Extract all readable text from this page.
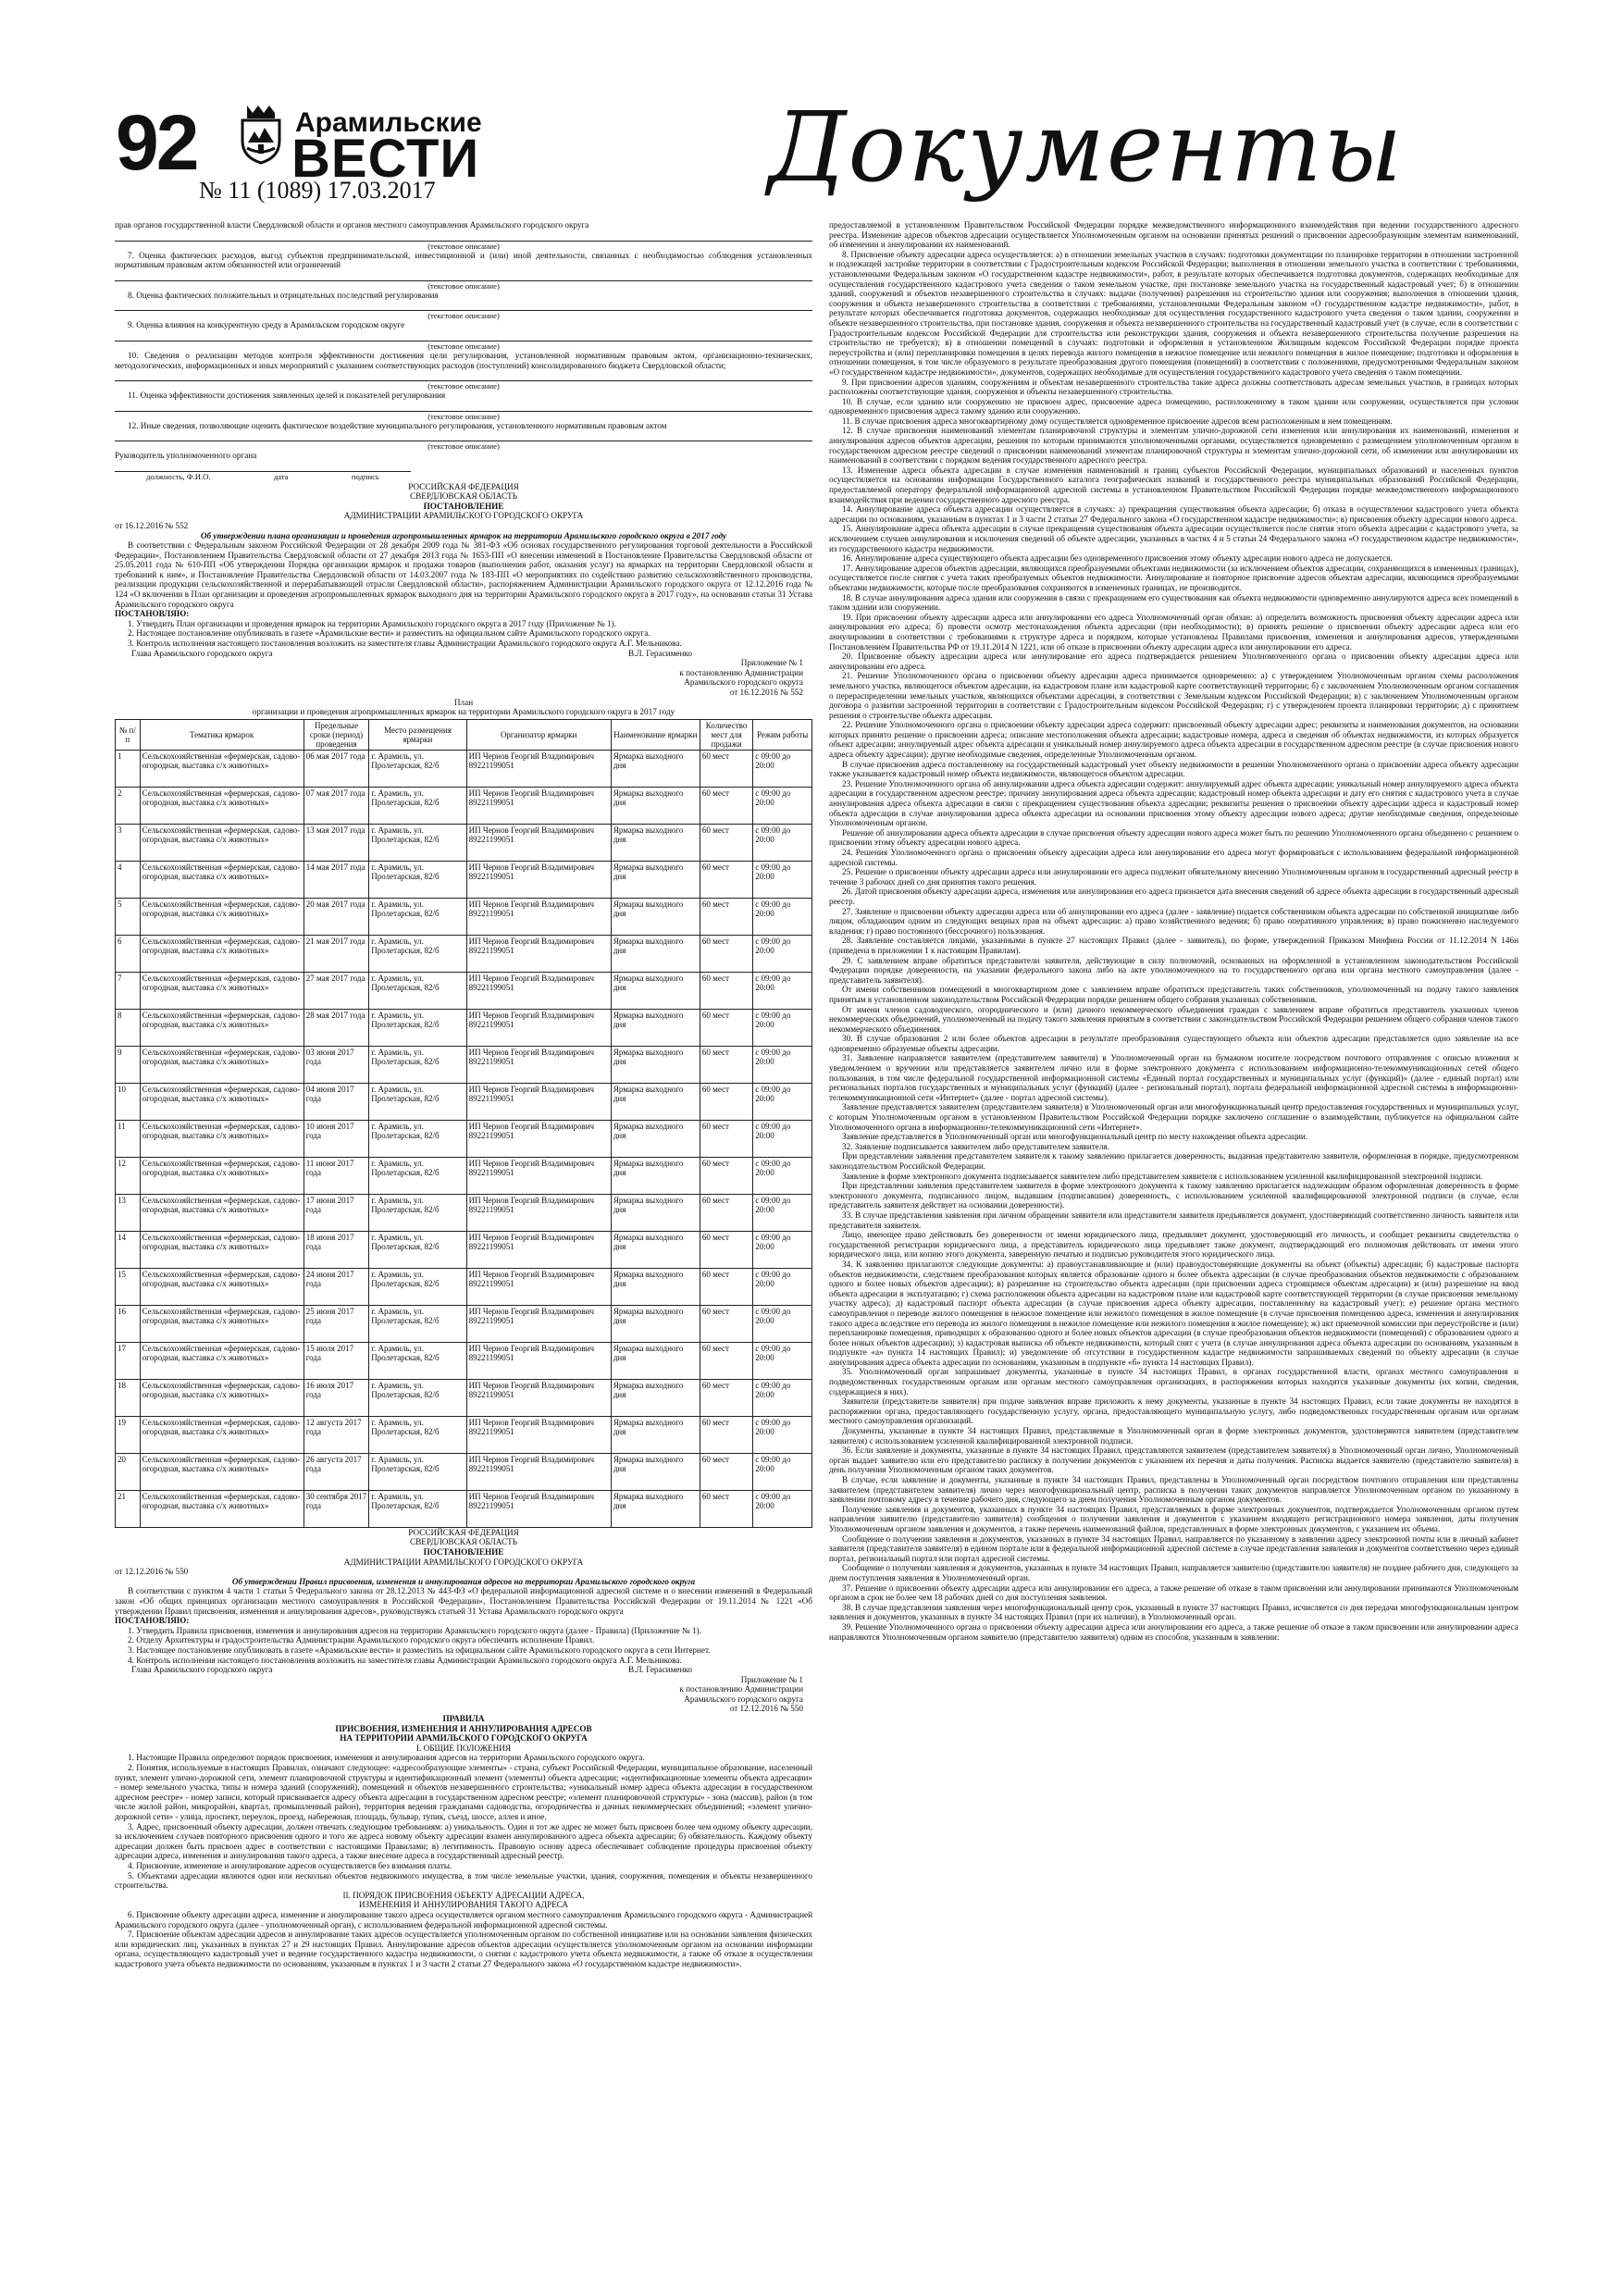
92	Арамильские
ВЕСТИ
№ 11 (1089) 17.03.2017	Документы

прав органов государственной власти Свердловской области и органов местного самоуправления Арамильского городского округа

(текстовое описание)

7. Оценка фактических расходов, выгод субъектов предпринимательской, инвестиционной и (или) иной деятельности, связанных с необходимостью соблюдения установленных нормативным правовым актом обязанностей или ограничений

(текстовое описание)

8. Оценка фактических положительных и отрицательных последствий регулирования

(текстовое описание)

9. Оценка влияния на конкурентную среду в Арамильском городском округе

(текстовое описание)

10. Сведения о реализации методов контроля эффективности достижения цели регулирования, установленной нормативным правовым актом, организационно-технических, методологических, информационных и иных мероприятий с указанием соответствующих расходов (поступлений) консолидированного бюджета Свердловской области;

(текстовое описание)

11. Оценка эффективности достижения заявленных целей и показателей регулирования

(текстовое описание)

12. Иные сведения, позволяющие оценить фактическое воздействие муниципального регулирования, установленного нормативным правовым актом

(текстовое описание)

Руководитель уполномоченного органа

должность, Ф.И.О.	дата	подпись
РОССИЙСКАЯ ФЕДЕРАЦИЯ
СВЕРДЛОВСКАЯ ОБЛАСТЬ
ПОСТАНОВЛЕНИЕ
АДМИНИСТРАЦИИ АРАМИЛЬСКОГО ГОРОДСКОГО ОКРУГА
от 16.12.2016 № 552

Об утверждении плана организации и проведения агропромышленных ярмарок на территории Арамильского городского округа в 2017 году

В соответствии с Федеральным законом Российской Федерации от 28 декабря 2009 года № 381-ФЗ «Об основах государственного регулирования торговой деятельности в Российской Федерации», Постановлением Правительства Свердловской области от 27 декабря 2013 года № 1653-ПП «О внесении изменений в Постановление Правительства Свердловской области от 25.05.2011 года № 610-ПП «Об утверждении Порядка организации ярмарок и продажи товаров (выполнения работ, оказания услуг) на ярмарках на территории Свердловской области и требований к ним», и Постановление Правительства Свердловской области от 14.03.2007 года № 183-ПП «О мероприятиях по содействию развитию сельскохозяйственного производства, реализации продукции сельскохозяйственной и перерабатывающей отрасли Свердловской области», распоряжением Администрации Арамильского городского округа от 12.12.2016 года № 124 «О включении в План организации и проведения агропромышленных ярмарок выходного дня на территории Арамильского городского округа в 2017 году», на основании статьи 31 Устава Арамильского городского округа

ПОСТАНОВЛЯЮ:

1. Утвердить План организации и проведения ярмарок на территории Арамильского городского округа в 2017 году (Приложение № 1).

2. Настоящее постановление опубликовать в газете «Арамильские вести» и разместить на официальном сайте Арамильского городского округа.

3. Контроль исполнения настоящего постановления возложить на заместителя главы Администрации Арамильского городского округа А.Г. Мельникова.

Глава Арамильского городского округа	В.Л. Герасименко
Приложение № 1
к постановлению Администрации
Арамильского городского округа
от 16.12.2016 № 552
План
организации и проведения агропромышленных ярмарок на территории Арамильского городского округа в 2017 году
№ п/п	Тематика ярмарок	Предельные сроки (период) проведения	Место размещения ярмарки	Организатор ярмарки	Наименование ярмарки	Количество мест для продажи	Режим работы
1	Сельскохозяйственная «фермерская, садово-огородная, выставка с/х животных»	06 мая 2017 года	г. Арамиль, ул. Пролетарская, 82/б	ИП Чернов Георгий Владимирович 89221199051	Ярмарка выходного дня	60 мест	с 09:00 до 20:00
2	Сельскохозяйственная «фермерская, садово-огородная, выставка с/х животных»	07 мая 2017 года	г. Арамиль, ул. Пролетарская, 82/б	ИП Чернов Георгий Владимирович 89221199051	Ярмарка выходного дня	60 мест	с 09:00 до 20:00
3	Сельскохозяйственная «фермерская, садово-огородная, выставка с/х животных»	13 мая 2017 года	г. Арамиль, ул. Пролетарская, 82/б	ИП Чернов Георгий Владимирович 89221199051	Ярмарка выходного дня	60 мест	с 09:00 до 20:00
4	Сельскохозяйственная «фермерская, садово-огородная, выставка с/х животных»	14 мая 2017 года	г. Арамиль, ул. Пролетарская, 82/б	ИП Чернов Георгий Владимирович 89221199051	Ярмарка выходного дня	60 мест	с 09:00 до 20:00
5	Сельскохозяйственная «фермерская, садово-огородная, выставка с/х животных»	20 мая 2017 года	г. Арамиль, ул. Пролетарская, 82/б	ИП Чернов Георгий Владимирович 89221199051	Ярмарка выходного дня	60 мест	с 09:00 до 20:00
6	Сельскохозяйственная «фермерская, садово-огородная, выставка с/х животных»	21 мая 2017 года	г. Арамиль, ул. Пролетарская, 82/б	ИП Чернов Георгий Владимирович 89221199051	Ярмарка выходного дня	60 мест	с 09:00 до 20:00
7	Сельскохозяйственная «фермерская, садово-огородная, выставка с/х животных»	27 мая 2017 года	г. Арамиль, ул. Пролетарская, 82/б	ИП Чернов Георгий Владимирович 89221199051	Ярмарка выходного дня	60 мест	с 09:00 до 20:00
8	Сельскохозяйственная «фермерская, садово-огородная, выставка с/х животных»	28 мая 2017 года	г. Арамиль, ул. Пролетарская, 82/б	ИП Чернов Георгий Владимирович 89221199051	Ярмарка выходного дня	60 мест	с 09:00 до 20:00
9	Сельскохозяйственная «фермерская, садово-огородная, выставка с/х животных»	03 июня 2017 года	г. Арамиль, ул. Пролетарская, 82/б	ИП Чернов Георгий Владимирович 89221199051	Ярмарка выходного дня	60 мест	с 09:00 до 20:00
10	Сельскохозяйственная «фермерская, садово-огородная, выставка с/х животных»	04 июня 2017 года	г. Арамиль, ул. Пролетарская, 82/б	ИП Чернов Георгий Владимирович 89221199051	Ярмарка выходного дня	60 мест	с 09:00 до 20:00
11	Сельскохозяйственная «фермерская, садово-огородная, выставка с/х животных»	10 июня 2017 года	г. Арамиль, ул. Пролетарская, 82/б	ИП Чернов Георгий Владимирович 89221199051	Ярмарка выходного дня	60 мест	с 09:00 до 20:00
12	Сельскохозяйственная «фермерская, садово-огородная, выставка с/х животных»	11 июня 2017 года	г. Арамиль, ул. Пролетарская, 82/б	ИП Чернов Георгий Владимирович 89221199051	Ярмарка выходного дня	60 мест	с 09:00 до 20:00
13	Сельскохозяйственная «фермерская, садово-огородная, выставка с/х животных»	17 июня 2017 года	г. Арамиль, ул. Пролетарская, 82/б	ИП Чернов Георгий Владимирович 89221199051	Ярмарка выходного дня	60 мест	с 09:00 до 20:00
14	Сельскохозяйственная «фермерская, садово-огородная, выставка с/х животных»	18 июня 2017 года	г. Арамиль, ул. Пролетарская, 82/б	ИП Чернов Георгий Владимирович 89221199051	Ярмарка выходного дня	60 мест	с 09:00 до 20:00
15	Сельскохозяйственная «фермерская, садово-огородная, выставка с/х животных»	24 июня 2017 года	г. Арамиль, ул. Пролетарская, 82/б	ИП Чернов Георгий Владимирович 89221199051	Ярмарка выходного дня	60 мест	с 09:00 до 20:00
16	Сельскохозяйственная «фермерская, садово-огородная, выставка с/х животных»	25 июня 2017 года	г. Арамиль, ул. Пролетарская, 82/б	ИП Чернов Георгий Владимирович 89221199051	Ярмарка выходного дня	60 мест	с 09:00 до 20:00
17	Сельскохозяйственная «фермерская, садово-огородная, выставка с/х животных»	15 июля 2017 года	г. Арамиль, ул. Пролетарская, 82/б	ИП Чернов Георгий Владимирович 89221199051	Ярмарка выходного дня	60 мест	с 09:00 до 20:00
18	Сельскохозяйственная «фермерская, садово-огородная, выставка с/х животных»	16 июля 2017 года	г. Арамиль, ул. Пролетарская, 82/б	ИП Чернов Георгий Владимирович 89221199051	Ярмарка выходного дня	60 мест	с 09:00 до 20:00
19	Сельскохозяйственная «фермерская, садово-огородная, выставка с/х животных»	12 августа 2017 года	г. Арамиль, ул. Пролетарская, 82/б	ИП Чернов Георгий Владимирович 89221199051	Ярмарка выходного дня	60 мест	с 09:00 до 20:00
20	Сельскохозяйственная «фермерская, садово-огородная, выставка с/х животных»	26 августа 2017 года	г. Арамиль, ул. Пролетарская, 82/б	ИП Чернов Георгий Владимирович 89221199051	Ярмарка выходного дня	60 мест	с 09:00 до 20:00
21	Сельскохозяйственная «фермерская, садово-огородная, выставка с/х животных»	30 сентября 2017 года	г. Арамиль, ул. Пролетарская, 82/б	ИП Чернов Георгий Владимирович 89221199051	Ярмарка выходного дня	60 мест	с 09:00 до 20:00
РОССИЙСКАЯ ФЕДЕРАЦИЯ
СВЕРДЛОВСКАЯ ОБЛАСТЬ
ПОСТАНОВЛЕНИЕ
АДМИНИСТРАЦИИ АРАМИЛЬСКОГО ГОРОДСКОГО ОКРУГА
от 12.12.2016 № 550

Об утверждении Правил присвоения, изменения и аннулирования адресов на территории Арамильского городского округа

В соответствии с пунктом 4 части 1 статьи 5 Федерального закона от 28.12.2013 № 443-ФЗ «О федеральной информационной адресной системе и о внесении изменений в Федеральный закон «Об общих принципах организации местного самоуправления в Российской Федерации», Постановлением Правительства Российской Федерации от 19.11.2014 № 1221 «Об утверждении Правил присвоения, изменения и аннулирования адресов», руководствуясь статьей 31 Устава Арамильского городского округа

ПОСТАНОВЛЯЮ:

1. Утвердить Правила присвоения, изменения и аннулирования адресов на территории Арамильского городского округа (далее - Правила) (Приложение № 1).

2. Отделу Архитектуры и градостроительства Администрации Арамильского городского округа обеспечить исполнение Правил.

3. Настоящее постановление опубликовать в газете «Арамильские вести» и разместить на официальном сайте Арамильского городского округа в сети Интернет.

4. Контроль исполнения настоящего постановления возложить на заместителя главы Администрации Арамильского городского округа А.Г. Мельникова.

Глава Арамильского городского округа	В.Л. Герасименко
Приложение № 1
к постановлению Администрации
Арамильского городского округа
от 12.12.2016 № 550
ПРАВИЛА
ПРИСВОЕНИЯ, ИЗМЕНЕНИЯ И АННУЛИРОВАНИЯ АДРЕСОВ
НА ТЕРРИТОРИИ АРАМИЛЬСКОГО ГОРОДСКОГО ОКРУГА
I. ОБЩИЕ ПОЛОЖЕНИЯ

1. Настоящие Правила определяют порядок присвоения, изменения и аннулирования адресов на территории Арамильского городского округа.

2. Понятия, используемые в настоящих Правилах, означают следующее: «адресообразующие элементы» - страна, субъект Российской Федерации, муниципальное образование, населенный пункт, элемент улично-дорожной сети, элемент планировочной структуры и идентификационный элемент (элементы) объекта адресации; «идентификационные элементы объекта адресации» - номер земельного участка, типы и номера зданий (сооружений), помещений и объектов незавершенного строительства; «уникальный номер адреса объекта адресации в государственном адресном реестре» - номер записи, который присваивается адресу объекта адресации в государственном адресном реестре; «элемент планировочной структуры» - зона (массив), район (в том числе жилой район, микрорайон, квартал, промышленный район), территория ведения гражданами садоводства, огородничества и дачных некоммерческих объединений; «элемент улично-дорожной сети» - улица, проспект, переулок, проезд, набережная, площадь, бульвар, тупик, съезд, шоссе, аллея и иное.

3. Адрес, присвоенный объекту адресации, должен отвечать следующим требованиям: а) уникальность. Один и тот же адрес не может быть присвоен более чем одному объекту адресации, за исключением случаев повторного присвоения одного и того же адреса новому объекту адресации взамен аннулированного адреса объекта адресации; б) обязательность. Каждому объекту адресации должен быть присвоен адрес в соответствии с настоящими Правилами; в) легитимность. Правовую основу адреса обеспечивает соблюдение процедуры присвоения объекту адресации адреса, изменения и аннулирования такого адреса, а также внесение адреса в государственный адресный реестр.

4. Присвоение, изменение и аннулирование адресов осуществляется без взимания платы.

5. Объектами адресации являются один или несколько объектов недвижимого имущества, в том числе земельные участки, здания, сооружения, помещения и объекты незавершенного строительства.

II. ПОРЯДОК ПРИСВОЕНИЯ ОБЪЕКТУ АДРЕСАЦИИ АДРЕСА,
ИЗМЕНЕНИЯ И АННУЛИРОВАНИЯ ТАКОГО АДРЕСА

6. Присвоение объекту адресации адреса, изменение и аннулирование такого адреса осуществляется органом местного самоуправления Арамильского городского округа - Администрацией Арамильского городского округа (далее - уполномоченный орган), с использованием федеральной информационной адресной системы.

7. Присвоение объектам адресации адресов и аннулирование таких адресов осуществляется уполномоченным органом по собственной инициативе или на основании заявления физических или юридических лиц, указанных в пунктах 27 и 29 настоящих Правил. Аннулирование адресов объектов адресации осуществляется уполномоченным органом на основании информации органа, осуществляющего кадастровый учет и ведение государственного кадастра недвижимости, о снятии с кадастрового учета объекта недвижимости, а также об отказе в осуществлении кадастрового учета объекта недвижимости по основаниям, указанным в пунктах 1 и 3 части 2 статьи 27 Федерального закона «О государственном кадастре недвижимости».

предоставляемой в установленном Правительством Российской Федерации порядке межведомственного информационного взаимодействия при ведении государственного адресного реестра. Изменение адресов объектов адресации осуществляется Уполномоченным органом на основании принятых решений о присвоении адресообразующим элементам наименований, об изменении и аннулировании их наименований.

8. Присвоение объекту адресации адреса осуществляется: а) в отношении земельных участков в случаях: подготовки документации по планировке территории в отношении застроенной и подлежащей застройке территории в соответствии с Градостроительным кодексом Российской Федерации; выполнения в отношении земельного участка в соответствии с требованиями, установленными Федеральным законом «О государственном кадастре недвижимости», работ, в результате которых обеспечивается подготовка документов, содержащих необходимые для осуществления государственного кадастрового учета сведения о таком земельном участке, при постановке земельного участка на государственный кадастровый учет; б) в отношении зданий, сооружений и объектов незавершенного строительства в случаях: выдачи (получения) разрешения на строительство здания или сооружения; выполнения в отношении здания, сооружения и объекта незавершенного строительства в соответствии с требованиями, установленными Федеральным законом «О государственном кадастре недвижимости», работ, в результате которых обеспечивается подготовка документов, содержащих необходимые для осуществления государственного кадастрового учета сведения о таком здании, сооружении и объекте незавершенного строительства, при постановке здания, сооружения и объекта незавершенного строительства на государственный кадастровый учет (в случае, если в соответствии с Градостроительным кодексом Российской Федерации для строительства или реконструкции здания, сооружения и объекта незавершенного строительства получение разрешения на строительство не требуется); в) в отношении помещений в случаях: подготовки и оформления в установленном Жилищным кодексом Российской Федерации порядке проекта переустройства и (или) перепланировки помещения в целях перевода жилого помещения в нежилое помещение или нежилого помещения в жилое помещение; подготовки и оформления в отношении помещения, в том числе образуемого в результате преобразования другого помещения (помещений) в соответствии с положениями, предусмотренными Федеральным законом «О государственном кадастре недвижимости», документов, содержащих необходимые для осуществления государственного кадастрового учета сведения о таком помещении.

9. При присвоении адресов зданиям, сооружениям и объектам незавершенного строительства такие адреса должны соответствовать адресам земельных участков, в границах которых расположены соответствующие здания, сооружения и объекты незавершенного строительства.

10. В случае, если зданию или сооружению не присвоен адрес, присвоение адреса помещению, расположенному в таком здании или сооружении, осуществляется при условии одновременного присвоения адреса такому зданию или сооружению.

11. В случае присвоения адреса многоквартирному дому осуществляется одновременное присвоение адресов всем расположенным в нем помещениям.

12. В случае присвоения наименований элементам планировочной структуры и элементам улично-дорожной сети изменения или аннулирования их наименований, изменения и аннулирования адресов объектов адресации, решения по которым принимаются уполномоченными органами, осуществляется одновременно с размещением уполномоченным органом в государственном адресном реестре сведений о присвоении наименований элементам планировочной структуры и элементам улично-дорожной сети, об изменении или аннулировании их наименований в соответствии с порядком ведения государственного адресного реестра.

13. Изменение адреса объекта адресации в случае изменения наименований и границ субъектов Российской Федерации, муниципальных образований и населенных пунктов осуществляется на основании информации Государственного каталога географических названий и государственного реестра муниципальных образований Российской Федерации, предоставляемой оператору федеральной информационной адресной системы в установленном Правительством Российской Федерации порядке межведомственного информационного взаимодействия при ведении государственного адресного реестра.

14. Аннулирование адреса объекта адресации осуществляется в случаях: а) прекращения существования объекта адресации; б) отказа в осуществлении кадастрового учета объекта адресации по основаниям, указанным в пунктах 1 и 3 части 2 статьи 27 Федерального закона «О государственном кадастре недвижимости»; в) присвоения объекту адресации нового адреса.

15. Аннулирование адреса объекта адресации в случае прекращения существования объекта адресации осуществляется после снятия этого объекта адресации с кадастрового учета, за исключением случаев аннулирования и исключения сведений об объекте адресации, указанных в частях 4 и 5 статьи 24 Федерального закона «О государственном кадастре недвижимости», из государственного кадастра недвижимости.

16. Аннулирование адреса существующего объекта адресации без одновременного присвоения этому объекту адресации нового адреса не допускается.

17. Аннулирование адресов объектов адресации, являющихся преобразуемыми объектами недвижимости (за исключением объектов адресации, сохраняющихся в измененных границах), осуществляется после снятия с учета таких преобразуемых объектов недвижимости. Аннулирование и повторное присвоение адресов объектам адресации, являющимся преобразуемыми объектами недвижимости, которые после преобразования сохраняются в измененных границах, не производится.

18. В случае аннулирования адреса здания или сооружения в связи с прекращением его существования как объекта недвижимости одновременно аннулируются адреса всех помещений в таком здании или сооружении.

19. При присвоении объекту адресации адреса или аннулировании его адреса Уполномоченный орган обязан: а) определить возможность присвоения объекту адресации адреса или аннулирования его адреса; б) провести осмотр местонахождения объекта адресации (при необходимости); в) принять решение о присвоении объекту адресации адреса или его аннулировании в соответствии с требованиями к структуре адреса и порядком, которые установлены Правилами присвоения, изменения и аннулирования адресов, утвержденными Постановлением Правительства РФ от 19.11.2014 N 1221, или об отказе в присвоении объекту адресации адреса или аннулировании его адреса.

20. Присвоение объекту адресации адреса или аннулирование его адреса подтверждается решением Уполномоченного органа о присвоении объекту адресации адреса или аннулировании его адреса.

21. Решение Уполномоченного органа о присвоении объекту адресации адреса принимается одновременно: а) с утверждением Уполномоченным органом схемы расположения земельного участка, являющегося объектом адресации, на кадастровом плане или кадастровой карте соответствующей территории; б) с заключением Уполномоченным органом соглашения о перераспределении земельных участков, являющихся объектами адресации, в соответствии с Земельным кодексом Российской Федерации; в) с заключением Уполномоченным органом договора о развитии застроенной территории в соответствии с Градостроительным кодексом Российской Федерации; г) с утверждением проекта планировки территории; д) с принятием решения о строительстве объекта адресации.

22. Решение Уполномоченного органа о присвоении объекту адресации адреса содержит: присвоенный объекту адресации адрес; реквизиты и наименования документов, на основании которых принято решение о присвоении адреса; описание местоположения объекта адресации; кадастровые номера, адреса и сведения об объектах недвижимости, из которых образуется объект адресации; аннулируемый адрес объекта адресации и уникальный номер аннулируемого адреса объекта адресации в государственном адресном реестре (в случае присвоения нового адреса объекту адресации); другие необходимые сведения, определенные Уполномоченным органом.

В случае присвоения адреса поставленному на государственный кадастровый учет объекту недвижимости в решении Уполномоченного органа о присвоении адреса объекту адресации также указывается кадастровый номер объекта недвижимости, являющегося объектом адресации.

23. Решение Уполномоченного органа об аннулировании адреса объекта адресации содержит: аннулируемый адрес объекта адресации; уникальный номер аннулируемого адреса объекта адресации в государственном адресном реестре; причину аннулирования адреса объекта адресации; кадастровый номер объекта адресации и дату его снятия с кадастрового учета в случае аннулирования адреса объекта адресации в связи с прекращением существования объекта адресации; реквизиты решения о присвоении объекту адресации адреса и кадастровый номер объекта адресации в случае аннулирования адреса объекта адресации на основании присвоения этому объекту адресации нового адреса; другие необходимые сведения, определенные Уполномоченным органом.

Решение об аннулировании адреса объекта адресации в случае присвоения объекту адресации нового адреса может быть по решению Уполномоченного органа объединено с решением о присвоении этому объекту адресации нового адреса.

24. Решения Уполномоченного органа о присвоении объекту адресации адреса или аннулировании его адреса могут формироваться с использованием федеральной информационной адресной системы.

25. Решение о присвоении объекту адресации адреса или аннулировании его адреса подлежит обязательному внесению Уполномоченным органом в государственный адресный реестр в течение 3 рабочих дней со дня принятия такого решения.

26. Датой присвоения объекту адресации адреса, изменения или аннулирования его адреса признается дата внесения сведений об адресе объекта адресации в государственный адресный реестр.

27. Заявление о присвоении объекту адресации адреса или об аннулировании его адреса (далее - заявление) подается собственником объекта адресации по собственной инициативе либо лицом, обладающим одним из следующих вещных прав на объект адресации: а) право хозяйственного ведения; б) право оперативного управления; в) право пожизненно наследуемого владения; г) право постоянного (бессрочного) пользования.

28. Заявление составляется лицами, указанными в пункте 27 настоящих Правил (далее - заявитель), по форме, утвержденной Приказом Минфина России от 11.12.2014 N 146н (приведена в приложении 1 к настоящим Правилам).

29. С заявлением вправе обратиться представители заявителя, действующие в силу полномочий, основанных на оформленной в установленном законодательством Российской Федерации порядке доверенности, на указании федерального закона либо на акте уполномоченного на то государственного органа или органа местного самоуправления (далее - представитель заявителя).

От имени собственников помещений в многоквартирном доме с заявлением вправе обратиться представитель таких собственников, уполномоченный на подачу такого заявления принятым в установленном законодательством Российской Федерации порядке решением общего собрания указанных собственников.

От имени членов садоводческого, огороднического и (или) дачного некоммерческого объединения граждан с заявлением вправе обратиться представитель указанных членов некоммерческих объединений, уполномоченный на подачу такого заявления принятым в соответствии с законодательством Российской Федерации решением общего собрания членов такого некоммерческого объединения.

30. В случае образования 2 или более объектов адресации в результате преобразования существующего объекта или объектов адресации представляется одно заявление на все одновременно образуемые объекты адресации.

31. Заявление направляется заявителем (представителем заявителя) в Уполномоченный орган на бумажном носителе посредством почтового отправления с описью вложения и уведомлением о вручении или представляется заявителем лично или в форме электронного документа с использованием информационно-телекоммуникационных сетей общего пользования, в том числе федеральной государственной информационной системы «Единый портал государственных и муниципальных услуг (функций)» (далее - единый портал) или региональных порталов государственных и муниципальных услуг (функций) (далее - региональный портал), портала федеральной информационной адресной системы в информационно-телекоммуникационной сети «Интернет» (далее - портал адресной системы).

Заявление представляется заявителем (представителем заявителя) в Уполномоченный орган или многофункциональный центр предоставления государственных и муниципальных услуг, с которым Уполномоченным органом в установленном Правительством Российской Федерации порядке заключено соглашение о взаимодействии, публикуется на официальном сайте Уполномоченного органа в информационно-телекоммуникационной сети «Интернет».

Заявление представляется в Уполномоченный орган или многофункциональный центр по месту нахождения объекта адресации.

32. Заявление подписывается заявителем либо представителем заявителя.

При представлении заявления представителем заявителя к такому заявлению прилагается доверенность, выданная представителю заявителя, оформленная в порядке, предусмотренном законодательством Российской Федерации.

Заявление в форме электронного документа подписывается заявителем либо представителем заявителя с использованием усиленной квалифицированной электронной подписи.

При представлении заявления представителем заявителя в форме электронного документа к такому заявлению прилагается надлежащим образом оформленная доверенность в форме электронного документа, подписанного лицом, выдавшим (подписавшим) доверенность, с использованием усиленной квалифицированной электронной подписи (в случае, если представитель заявителя действует на основании доверенности).

33. В случае представления заявления при личном обращении заявителя или представителя заявителя предъявляется документ, удостоверяющий соответственно личность заявителя или представителя заявителя.

Лицо, имеющее право действовать без доверенности от имени юридического лица, предъявляет документ, удостоверяющий его личность, и сообщает реквизиты свидетельства о государственной регистрации юридического лица, а представитель юридического лица предъявляет также документ, подтверждающий его полномочия действовать от имени этого юридического лица, или копию этого документа, заверенную печатью и подписью руководителя этого юридического лица.

34. К заявлению прилагаются следующие документы: а) правоустанавливающие и (или) правоудостоверяющие документы на объект (объекты) адресации; б) кадастровые паспорта объектов недвижимости, следствием преобразования которых является образование одного и более объекта адресации (в случае преобразования объектов недвижимости с образованием одного и более новых объектов адресации); в) разрешение на строительство объекта адресации (при присвоении адреса строящимся объектам адресации) и (или) разрешение на ввод объекта адресации в эксплуатацию; г) схема расположения объекта адресации на кадастровом плане или кадастровой карте соответствующей территории (в случае присвоения земельному участку адреса); д) кадастровый паспорт объекта адресации (в случае присвоения адреса объекту адресации, поставленному на кадастровый учет); е) решение органа местного самоуправления о переводе жилого помещения в нежилое помещение или нежилого помещения в жилое помещение (в случае присвоения помещению адреса, изменения и аннулирования такого адреса вследствие его перевода из жилого помещения в нежилое помещение или нежилого помещения в жилое помещение); ж) акт приемочной комиссии при переустройстве и (или) перепланировке помещения, приводящих к образованию одного и более новых объектов адресации (в случае преобразования объектов недвижимости (помещений) с образованием одного и более новых объектов адресации); з) кадастровая выписка об объекте недвижимости, который снят с учета (в случае аннулирования адреса объекта адресации по основаниям, указанным в подпункте «а» пункта 14 настоящих Правил); и) уведомление об отсутствии в государственном кадастре недвижимости запрашиваемых сведений по объекту адресации (в случае аннулирования адреса объекта адресации по основаниям, указанным в подпункте «б» пункта 14 настоящих Правил).

35. Уполномоченный орган запрашивает документы, указанные в пункте 34 настоящих Правил, в органах государственной власти, органах местного самоуправления и подведомственных государственным органам или органам местного самоуправления организациях, в распоряжении которых находятся указанные документы (их копии, сведения, содержащиеся в них).

Заявители (представители заявителя) при подаче заявления вправе приложить к нему документы, указанные в пункте 34 настоящих Правил, если такие документы не находятся в распоряжении органа, предоставляющего государственную услугу, органа, предоставляющего муниципальную услугу, либо подведомственных государственным органам или органам местного самоуправления организаций.

Документы, указанные в пункте 34 настоящих Правил, представляемые в Уполномоченный орган в форме электронных документов, удостоверяются заявителем (представителем заявителя) с использованием усиленной квалифицированной электронной подписи.

36. Если заявление и документы, указанные в пункте 34 настоящих Правил, представляются заявителем (представителем заявителя) в Уполномоченный орган лично, Уполномоченный орган выдает заявителю или его представителю расписку в получении документов с указанием их перечня и даты получения. Расписка выдается заявителю (представителю заявителя) в день получения Уполномоченным органом таких документов.

В случае, если заявление и документы, указанные в пункте 34 настоящих Правил, представлены в Уполномоченный орган посредством почтового отправления или представлены заявителем (представителем заявителя) лично через многофункциональный центр, расписка в получении таких документов направляется Уполномоченным органом по указанному в заявлении почтовому адресу в течение рабочего дня, следующего за днем получения Уполномоченным органом документов.

Получение заявления и документов, указанных в пункте 34 настоящих Правил, представляемых в форме электронных документов, подтверждается Уполномоченным органом путем направления заявителю (представителю заявителя) сообщения о получении заявления и документов с указанием входящего регистрационного номера заявления, даты получения Уполномоченным органом заявления и документов, а также перечень наименований файлов, представленных в форме электронных документов, с указанием их объема.

Сообщение о получении заявления и документов, указанных в пункте 34 настоящих Правил, направляется по указанному в заявлении адресу электронной почты или в личный кабинет заявителя (представителя заявителя) в едином портале или в федеральной информационной адресной системе в случае представления заявления и документов соответственно через единый портал, региональный портал или портал адресной системы.

Сообщение о получении заявления и документов, указанных в пункте 34 настоящих Правил, направляется заявителю (представителю заявителя) не позднее рабочего дня, следующего за днем поступления заявления в Уполномоченный орган.

37. Решение о присвоении объекту адресации адреса или аннулировании его адреса, а также решение об отказе в таком присвоении или аннулировании принимаются Уполномоченным органом в срок не более чем 18 рабочих дней со дня поступления заявления.

38. В случае представления заявления через многофункциональный центр срок, указанный в пункте 37 настоящих Правил, исчисляется со дня передачи многофункциональным центром заявления и документов, указанных в пункте 34 настоящих Правил (при их наличии), в Уполномоченный орган.

39. Решение Уполномоченного органа о присвоении объекту адресации адреса или аннулировании его адреса, а также решение об отказе в таком присвоении или аннулировании адреса направляются Уполномоченным органом заявителю (представителю заявителя) одним из способов, указанным в заявлении:
